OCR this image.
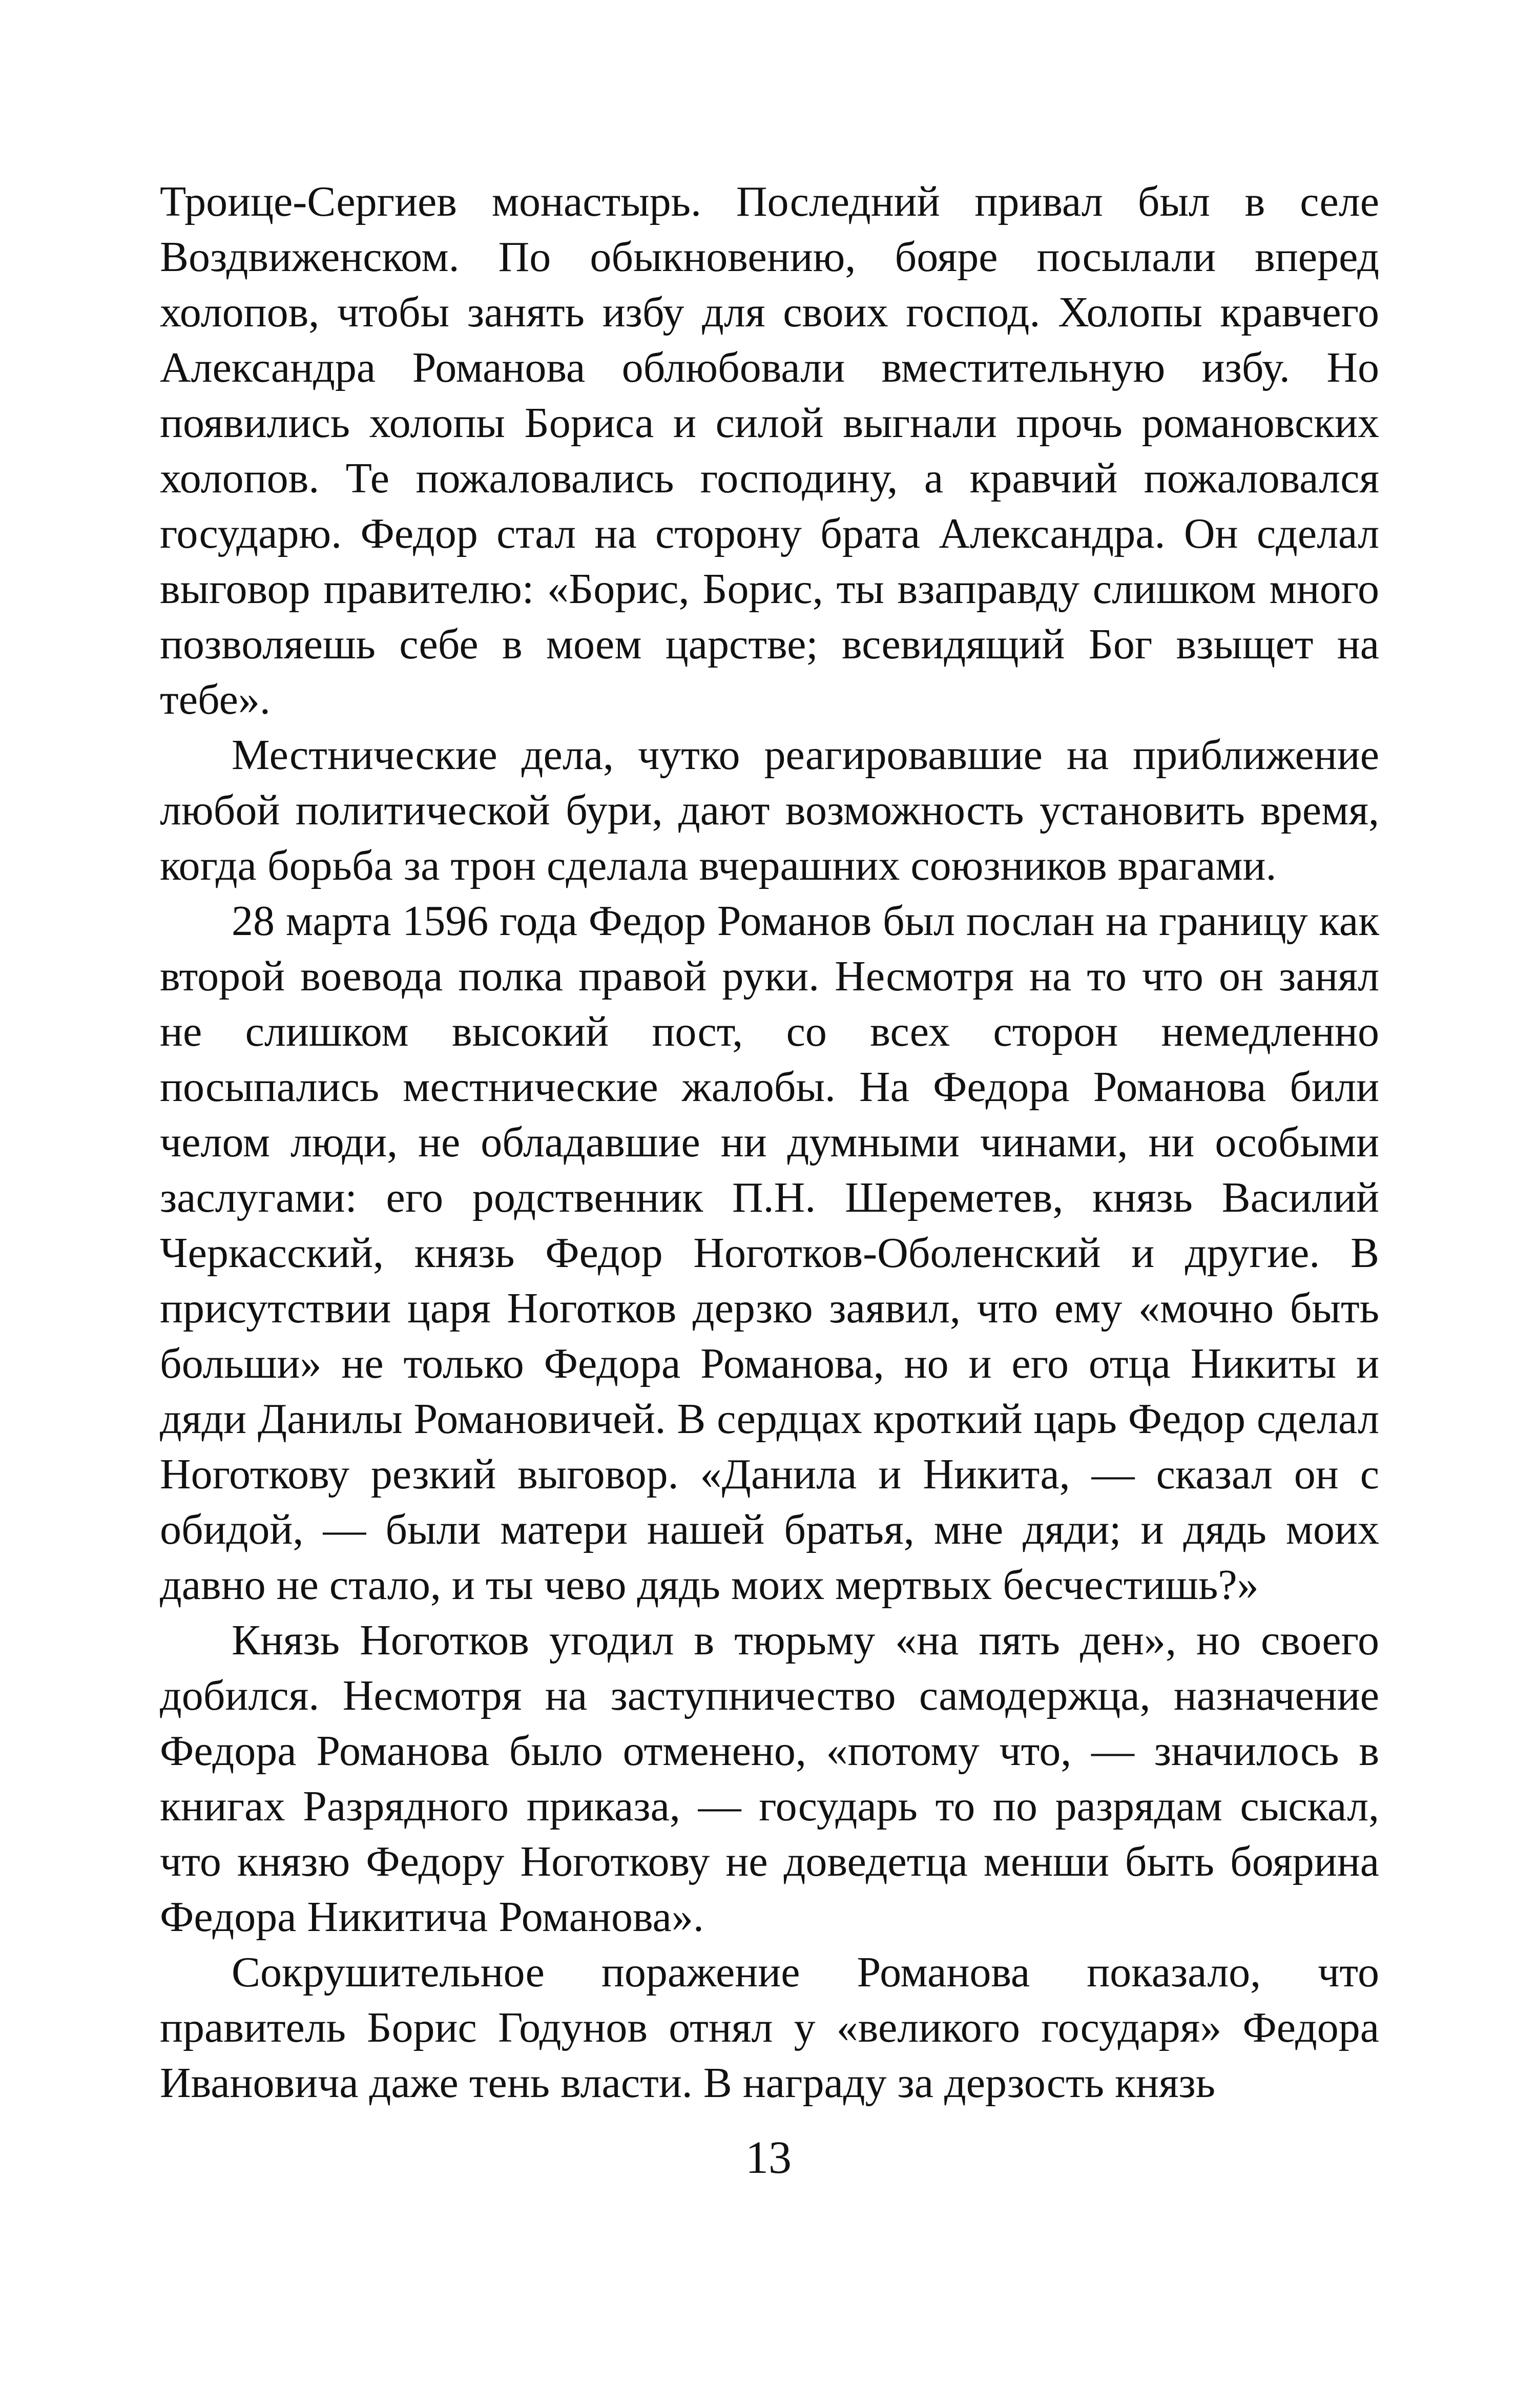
Троице-Сергиев монастырь. Последний привал был в селе Воздвиженском. По обыкновению, бояре посылали вперед холопов, чтобы занять избу для своих господ. Холопы кравчего Александра Романова облюбовали вместительную избу. Но появились холопы Бориса и силой выгнали прочь романовских холопов. Те пожаловались господину, а кравчий пожаловался государю. Федор стал на сторону брата Александра. Он сделал выговор правителю: «Борис, Борис, ты взаправду слишком много позволяешь себе в моем царстве; всевидящий Бог взыщет на тебе».

Местнические дела, чутко реагировавшие на приближение любой политической бури, дают возможность установить время, когда борьба за трон сделала вчерашних союзников врагами.

28 марта 1596 года Федор Романов был послан на границу как второй воевода полка правой руки. Несмотря на то что он занял не слишком высокий пост, со всех сторон немедленно посыпались местнические жалобы. На Федора Романова били челом люди, не обладавшие ни думными чинами, ни особыми заслугами: его родственник П.Н. Шереметев, князь Василий Черкасский, князь Федор Ноготков-Оболенский и другие. В присутствии царя Ноготков дерзко заявил, что ему «мочно быть больши» не только Федора Романова, но и его отца Никиты и дяди Данилы Романовичей. В сердцах кроткий царь Федор сделал Ноготкову резкий выговор. «Данила и Никита, — сказал он с обидой, — были матери нашей братья, мне дяди; и дядь моих давно не стало, и ты чево дядь моих мертвых бесчестишь?»

Князь Ноготков угодил в тюрьму «на пять ден», но своего добился. Несмотря на заступничество самодержца, назначение Федора Романова было отменено, «потому что, — значилось в книгах Разрядного приказа, — государь то по разрядам сыскал, что князю Федору Ноготкову не доведетца менши быть боярина Федора Никитича Романова».

Сокрушительное поражение Романова показало, что правитель Борис Годунов отнял у «великого государя» Федора Ивановича даже тень власти. В награду за дерзость князь

13
